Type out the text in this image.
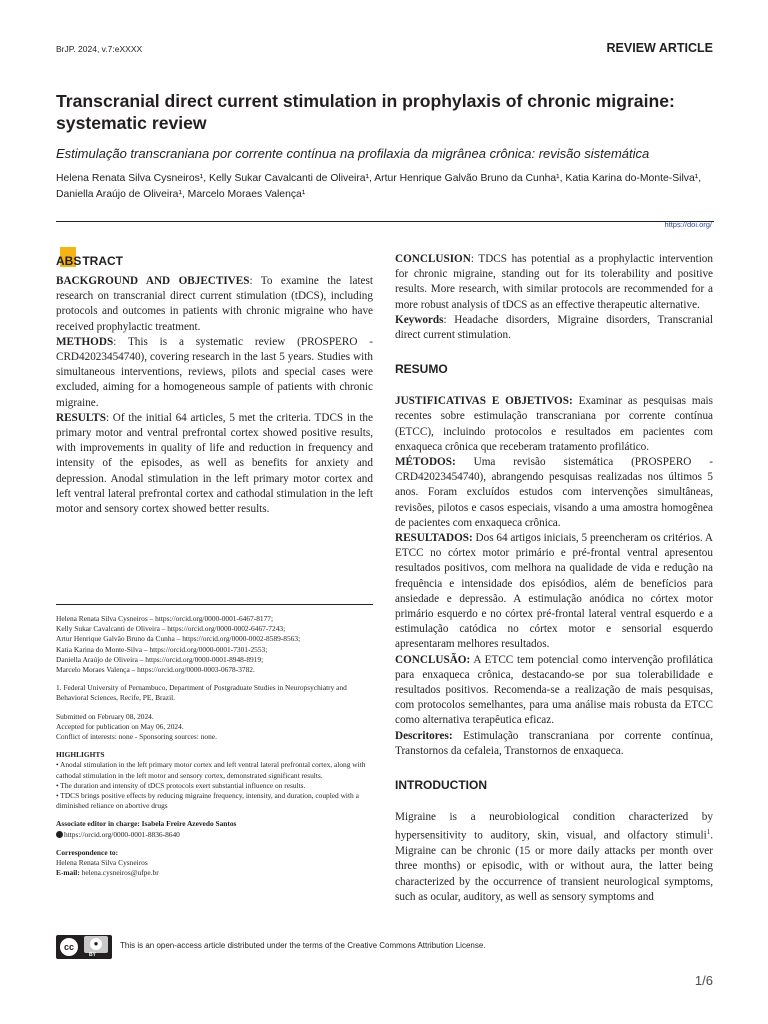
BrJP. 2024, v.7:eXXXX	REVIEW ARTICLE
Transcranial direct current stimulation in prophylaxis of chronic migraine: systematic review
Estimulação transcraniana por corrente contínua na profilaxia da migrânea crônica: revisão sistemática
Helena Renata Silva Cysneiros¹, Kelly Sukar Cavalcanti de Oliveira¹, Artur Henrique Galvão Bruno da Cunha¹, Katia Karina do-Monte-Silva¹, Daniella Araújo de Oliveira¹, Marcelo Moraes Valença¹
https://doi.org/
ABSTRACT

BACKGROUND AND OBJECTIVES: To examine the latest research on transcranial direct current stimulation (tDCS), including protocols and outcomes in patients with chronic migraine who have received prophylactic treatment.

METHODS: This is a systematic review (PROSPERO - CRD42023454740), covering research in the last 5 years. Studies with simultaneous interventions, reviews, pilots and special cases were excluded, aiming for a homogeneous sample of patients with chronic migraine.

RESULTS: Of the initial 64 articles, 5 met the criteria. TDCS in the primary motor and ventral prefrontal cortex showed positive results, with improvements in quality of life and reduction in frequency and intensity of the episodes, as well as benefits for anxiety and depression. Anodal stimulation in the left primary motor cortex and left ventral lateral prefrontal cortex and cathodal stimulation in the left motor and sensory cortex showed better results.

Helena Renata Silva Cysneiros – https://orcid.org/0000-0001-6467-8177;
Kelly Sukar Cavalcanti de Oliveira – https://orcid.org/0000-0002-6467-7243;
Artur Henrique Galvão Bruno da Cunha – https://orcid.org/0000-0002-8589-8563;
Katia Karina do Monte-Silva – https://orcid.org/0000-0001-7301-2553;
Daniella Araújo de Oliveira – https://orcid.org/0000-0001-8948-8919;
Marcelo Moraes Valença – https://orcid.org/0000-0003-0678-3782.
1. Federal University of Pernambuco, Department of Postgraduate Studies in Neuropsychiatry and Behavioral Sciences, Recife, PE, Brazil.
Submitted on February 08, 2024.
Accepted for publication on May 06, 2024.
Conflict of interests: none - Sponsoring sources: none.
HIGHLIGHTS
• Anodal stimulation in the left primary motor cortex and left ventral lateral prefrontal cortex, along with cathodal stimulation in the left motor and sensory cortex, demonstrated significant results.
• The duration and intensity of tDCS protocols exert substantial influence on results.
• TDCS brings positive effects by reducing migraine frequency, intensity, and duration, coupled with a diminished reliance on abortive drugs
Associate editor in charge: Isabela Freire Azevedo Santos
https://orcid.org/0000-0001-8836-8640
Correspondence to:
Helena Renata Silva Cysneiros
E-mail: helena.cysneiros@ufpe.br

CONCLUSION: TDCS has potential as a prophylactic intervention for chronic migraine, standing out for its tolerability and positive results. More research, with similar protocols are recommended for a more robust analysis of tDCS as an effective therapeutic alternative.

Keywords: Headache disorders, Migraine disorders, Transcranial direct current stimulation.

RESUMO

JUSTIFICATIVAS E OBJETIVOS: Examinar as pesquisas mais recentes sobre estimulação transcraniana por corrente contínua (ETCC), incluindo protocolos e resultados em pacientes com enxaqueca crônica que receberam tratamento profilático.

MÉTODOS: Uma revisão sistemática (PROSPERO - CRD42023454740), abrangendo pesquisas realizadas nos últimos 5 anos. Foram excluídos estudos com intervenções simultâneas, revisões, pilotos e casos especiais, visando a uma amostra homogênea de pacientes com enxaqueca crônica.

RESULTADOS: Dos 64 artigos iniciais, 5 preencheram os critérios. A ETCC no córtex motor primário e pré-frontal ventral apresentou resultados positivos, com melhora na qualidade de vida e redução na frequência e intensidade dos episódios, além de benefícios para ansiedade e depressão. A estimulação anódica no córtex motor primário esquerdo e no córtex pré-frontal lateral ventral esquerdo e a estimulação catódica no córtex motor e sensorial esquerdo apresentaram melhores resultados.

CONCLUSÃO: A ETCC tem potencial como intervenção profilática para enxaqueca crônica, destacando-se por sua tolerabilidade e resultados positivos. Recomenda-se a realização de mais pesquisas, com protocolos semelhantes, para uma análise mais robusta da ETCC como alternativa terapêutica eficaz.

Descritores: Estimulação transcraniana por corrente contínua, Transtornos da cefaleia, Transtornos de enxaqueca.

INTRODUCTION

Migraine is a neurobiological condition characterized by hypersensitivity to auditory, skin, visual, and olfactory stimuli$^1$. Migraine can be chronic (15 or more daily attacks per month over three months) or episodic, with or without aura, the latter being characterized by the occurrence of transient neurological symptoms, such as ocular, auditory, as well as sensory symptoms and

cc	●
BY
This is an open-access article distributed under the terms of the Creative Commons Attribution License.
1/6
